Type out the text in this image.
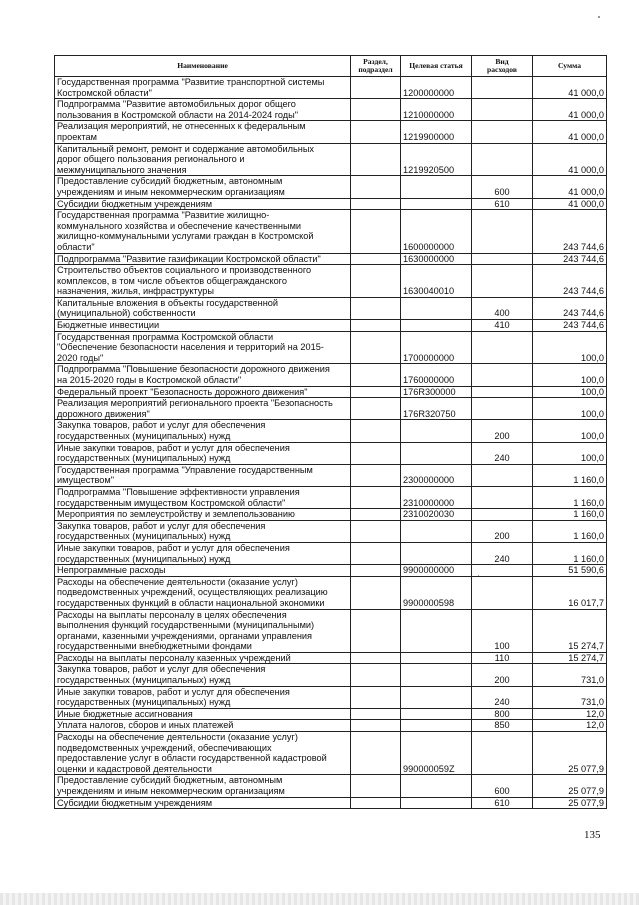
Наименование	Раздел,
подраздел	Целевая статья	Вид
расходов	Сумма
Государственная программа "Развитие транспортной системы
Костромской области"		1200000000		41 000,0
Подпрограмма "Развитие автомобильных дорог общего
пользования в Костромской области на 2014-2024 годы"		1210000000		41 000,0
Реализация мероприятий, не отнесенных к федеральным
проектам		1219900000		41 000,0
Капитальный ремонт, ремонт и содержание автомобильных
дорог общего пользования регионального и
межмуниципального значения		1219920500		41 000,0
Предоставление субсидий бюджетным, автономным
учреждениям и иным некоммерческим организациям			600	41 000,0
Субсидии бюджетным учреждениям			610	41 000,0
Государственная программа "Развитие жилищно-
коммунального хозяйства и обеспечение качественными
жилищно-коммунальными услугами граждан в Костромской
области"		1600000000		243 744,6
Подпрограмма "Развитие газификации Костромской области"		1630000000		243 744,6
Строительство объектов социального и производственного
комплексов, в том числе объектов общегражданского
назначения, жилья, инфраструктуры		1630040010		243 744,6
Капитальные вложения в объекты государственной
(муниципальной) собственности			400	243 744,6
Бюджетные инвестиции			410	243 744,6
Государственная программа Костромской области
"Обеспечение безопасности населения и территорий на 2015-
2020 годы"		1700000000		100,0
Подпрограмма "Повышение безопасности дорожного движения
на 2015-2020 годы в Костромской области"		1760000000		100,0
Федеральный проект "Безопасность дорожного движения"		176R300000		100,0
Реализация мероприятий регионального проекта "Безопасность
дорожного движения"		176R320750		100,0
Закупка товаров, работ и услуг для обеспечения
государственных (муниципальных) нужд			200	100,0
Иные закупки товаров, работ и услуг для обеспечения
государственных (муниципальных) нужд			240	100,0
Государственная программа "Управление государственным
имуществом"		2300000000		1 160,0
Подпрограмма "Повышение эффективности управления
государственным имуществом Костромской области"		2310000000		1 160,0
Мероприятия по землеустройству и землепользованию		2310020030		1 160,0
Закупка товаров, работ и услуг для обеспечения
государственных (муниципальных) нужд			200	1 160,0
Иные закупки товаров, работ и услуг для обеспечения
государственных (муниципальных) нужд			240	1 160,0
Непрограммные расходы		9900000000		51 590,6
Расходы на обеспечение деятельности (оказание услуг)
подведомственных учреждений, осуществляющих реализацию
государственных функций в области национальной экономики		9900000598		16 017,7
Расходы на выплаты персоналу в целях обеспечения
выполнения функций государственными (муниципальными)
органами, казенными учреждениями, органами управления
государственными внебюджетными фондами			100	15 274,7
Расходы на выплаты персоналу казенных учреждений			110	15 274,7
Закупка товаров, работ и услуг для обеспечения
государственных (муниципальных) нужд			200	731,0
Иные закупки товаров, работ и услуг для обеспечения
государственных (муниципальных) нужд			240	731,0
Иные бюджетные ассигнования			800	12,0
Уплата налогов, сборов и иных платежей			850	12,0
Расходы на обеспечение деятельности (оказание услуг)
подведомственных учреждений, обеспечивающих
предоставление услуг в области государственной кадастровой
оценки и кадастровой деятельности		990000059Z		25 077,9
Предоставление субсидий бюджетным, автономным
учреждениям и иным некоммерческим организациям			600	25 077,9
Субсидии бюджетным учреждениям			610	25 077,9
135
